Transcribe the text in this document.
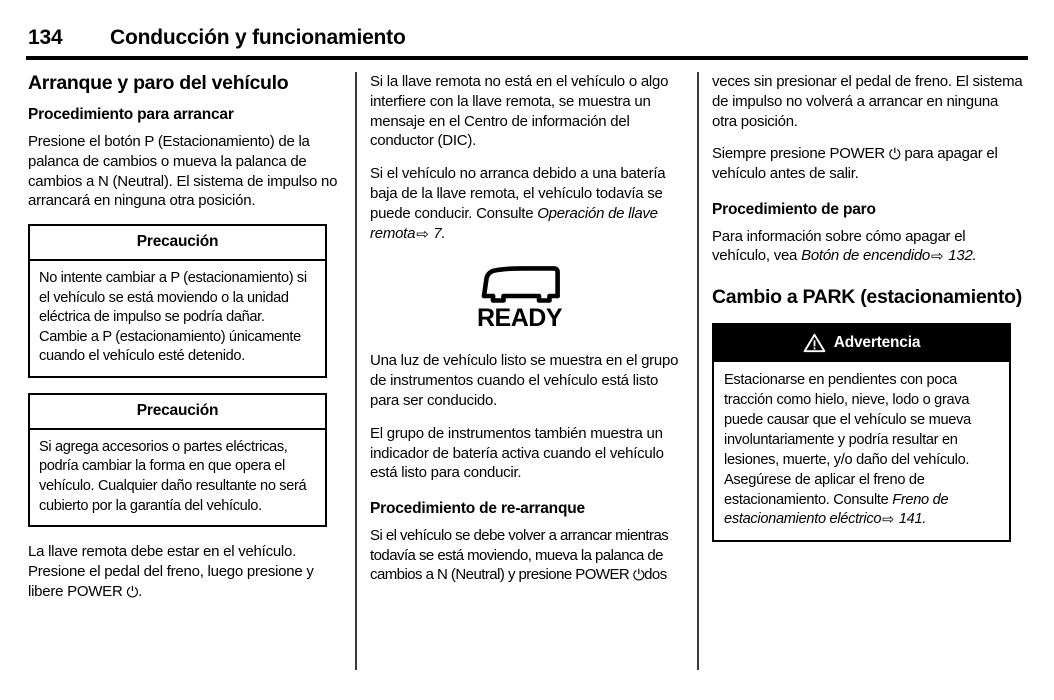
134	Conducción y funcionamiento
Arranque y paro del vehículo
Procedimiento para arrancar

Presione el botón P (Estacionamiento) de la palanca de cambios o mueva la palanca de cambios a N (Neutral). El sistema de impulso no arrancará en ninguna otra posición.

Precaución
No intente cambiar a P (estacionamiento) si el vehículo se está moviendo o la unidad eléctrica de impulso se podría dañar. Cambie a P (estacionamiento) únicamente cuando el vehículo esté detenido.
Precaución
Si agrega accesorios o partes eléctricas, podría cambiar la forma en que opera el vehículo. Cualquier daño resultante no será cubierto por la garantía del vehículo.

La llave remota debe estar en el vehículo. Presione el pedal del freno, luego presione y libere POWER ⏻.

Si la llave remota no está en el vehículo o algo interfiere con la llave remota, se muestra un mensaje en el Centro de información del conductor (DIC).

Si el vehículo no arranca debido a una batería baja de la llave remota, el vehículo todavía se puede conducir. Consulte Operación de llave remota⇨ 7.

READY

Una luz de vehículo listo se muestra en el grupo de instrumentos cuando el vehículo está listo para ser conducido.

El grupo de instrumentos también muestra un indicador de batería activa cuando el vehículo está listo para conducir.

Procedimiento de re-arranque

Si el vehículo se debe volver a arrancar mientras todavía se está moviendo, mueva la palanca de cambios a N (Neutral) y presione POWER ⏻dos

veces sin presionar el pedal de freno. El sistema de impulso no volverá a arrancar en ninguna otra posición.

Siempre presione POWER ⏻ para apagar el vehículo antes de salir.

Procedimiento de paro

Para información sobre cómo apagar el vehículo, vea Botón de encendido⇨ 132.

Cambio a PARK (estacionamiento)
Advertencia
Estacionarse en pendientes con poca tracción como hielo, nieve, lodo o grava puede causar que el vehículo se mueva involuntariamente y podría resultar en lesiones, muerte, y/o daño del vehículo. Asegúrese de aplicar el freno de estacionamiento. Consulte Freno de estacionamiento eléctrico⇨ 141.
